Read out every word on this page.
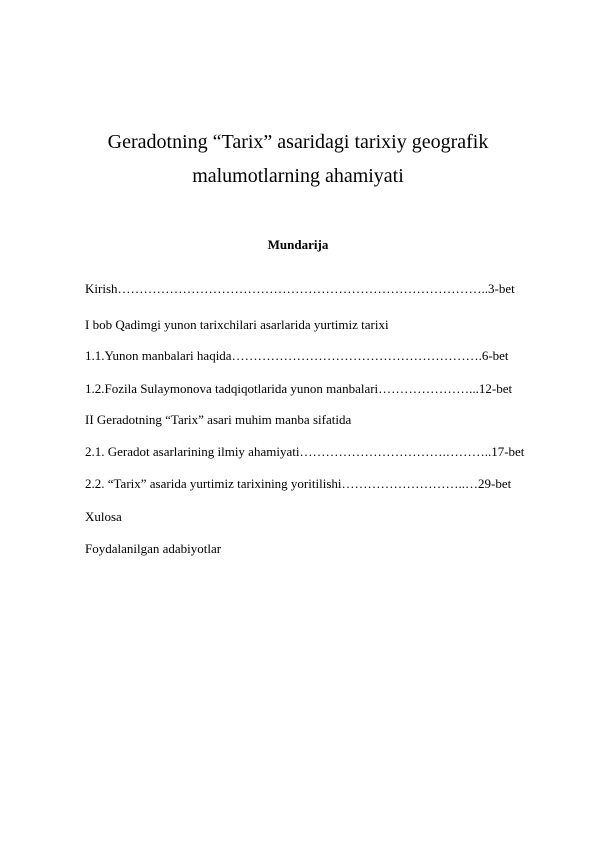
Geradotning “Tarix” asaridagi tarixiy geografik
malumotlarning ahamiyati
Mundarija
Kirish…………………………………………………………………………..3-bet
I bob Qadimgi yunon tarixchilari asarlarida yurtimiz tarixi
1.1.Yunon manbalari haqida………………………………………………….6-bet
1.2.Fozila Sulaymonova tadqiqotlarida yunon manbalari…………………...12-bet
II Geradotning “Tarix” asari muhim manba sifatida
2.1. Geradot asarlarining ilmiy ahamiyati…………………………….………..17-bet
2.2. “Tarix” asarida yurtimiz tarixining yoritilishi………………………..…29-bet
Xulosa
Foydalanilgan adabiyotlar
